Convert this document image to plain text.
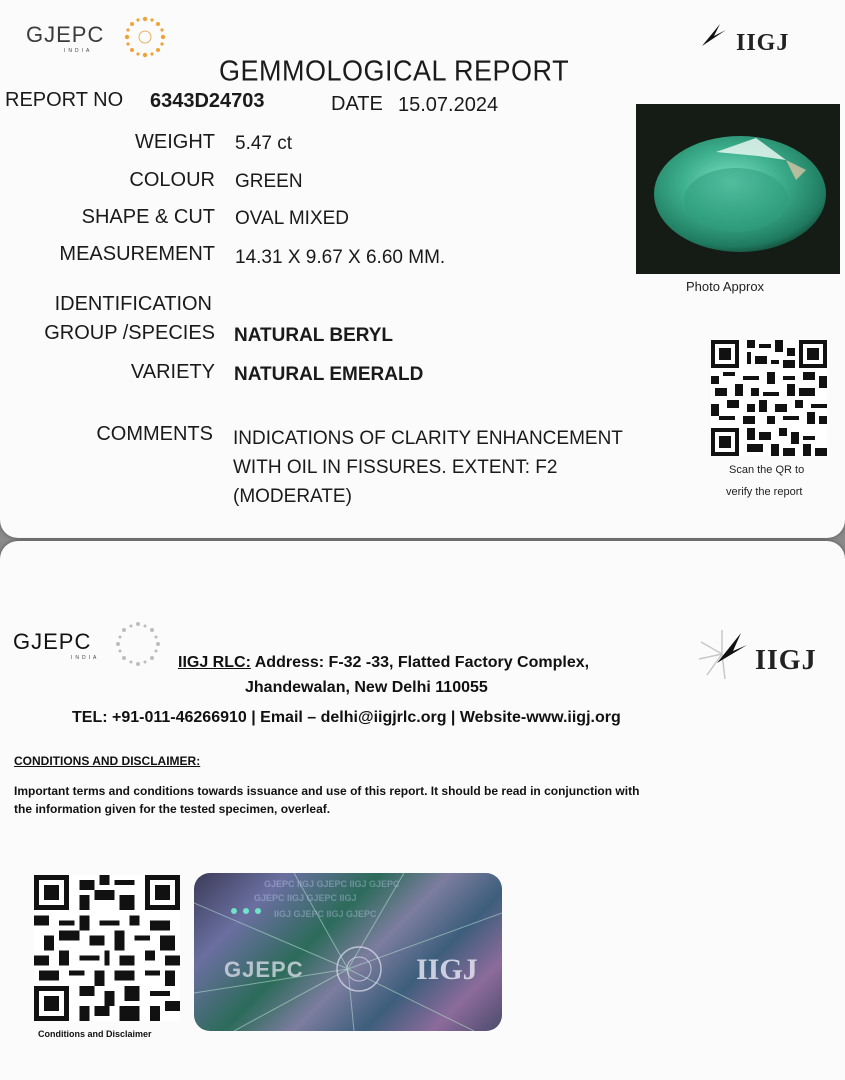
GJEPC
INDIA	IIGJ
GEMMOLOGICAL REPORT
REPORT NO 6343D24703	DATE 15.07.2024
WEIGHT 5.47 ct
COLOUR GREEN
SHAPE & CUT OVAL MIXED
MEASUREMENT 14.31 X 9.67 X 6.60 MM.
IDENTIFICATION
GROUP /SPECIES NATURAL BERYL
VARIETY NATURAL EMERALD
COMMENTS INDICATIONS OF CLARITY ENHANCEMENT
WITH OIL IN FISSURES. EXTENT: F2
(MODERATE)
Photo Approx
Scan the QR to
verify the report
GJEPC
INDIA	IIGJ
IIGJ RLC: Address: F-32 -33, Flatted Factory Complex,
Jhandewalan, New Delhi 110055
TEL: +91-011-46266910 | Email – delhi@iigjrlc.org | Website-www.iigj.org
CONDITIONS AND DISCLAIMER:
Important terms and conditions towards issuance and use of this report. It should be read in conjunction with
the information given for the tested specimen, overleaf.
Conditions and Disclaimer
GJEPC IIGJ GJEPC IIGJ GJEPC
GJEPC IIGJ GJEPC IIGJ
IIGJ GJEPC IIGJ GJEPC
GJEPC	IIGJ
